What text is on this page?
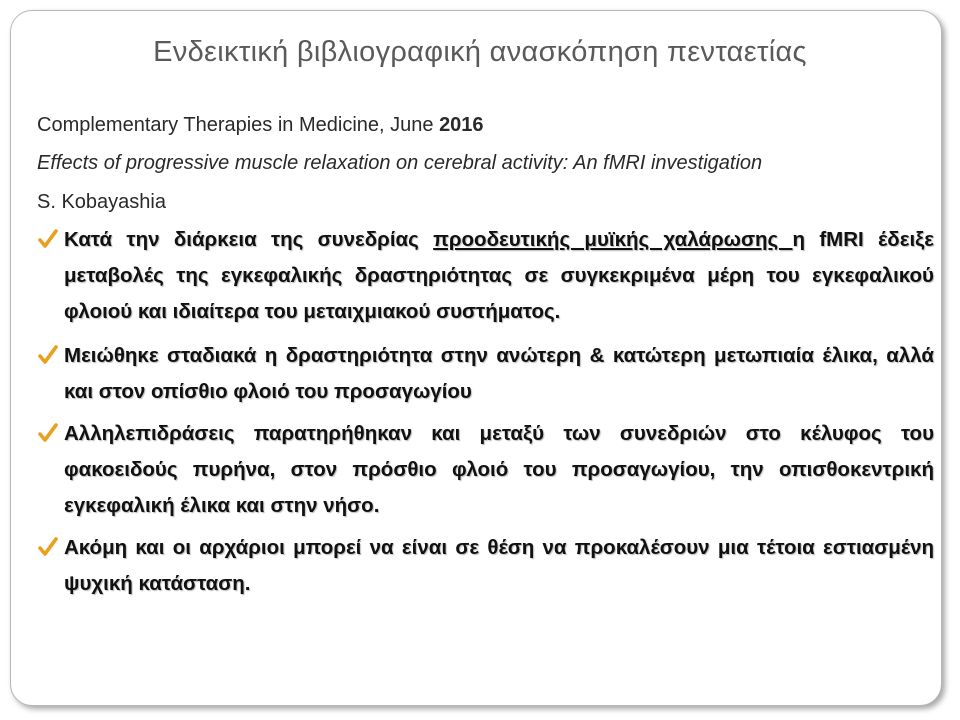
Ενδεικτική βιβλιογραφική ανασκόπηση πενταετίας
Complementary Therapies in Medicine, June 2016
Effects of progressive muscle relaxation on cerebral activity: An fMRI investigation
S. Kobayashia
Κατά την διάρκεια της συνεδρίας προοδευτικής μυϊκής χαλάρωσης η fMRI έδειξε μεταβολές της εγκεφαλικής δραστηριότητας σε συγκεκριμένα μέρη του εγκεφαλικού φλοιού και ιδιαίτερα του μεταιχμιακού συστήματος.
Μειώθηκε σταδιακά η δραστηριότητα στην ανώτερη & κατώτερη μετωπιαία έλικα, αλλά και στον οπίσθιο φλοιό του προσαγωγίου
Αλληλεπιδράσεις παρατηρήθηκαν και μεταξύ των συνεδριών στο κέλυφος του φακοειδούς πυρήνα, στον πρόσθιο φλοιό του προσαγωγίου, την οπισθοκεντρική εγκεφαλική έλικα και στην νήσο.
Ακόμη και οι αρχάριοι μπορεί να είναι σε θέση να προκαλέσουν μια τέτοια εστιασμένη ψυχική κατάσταση.
